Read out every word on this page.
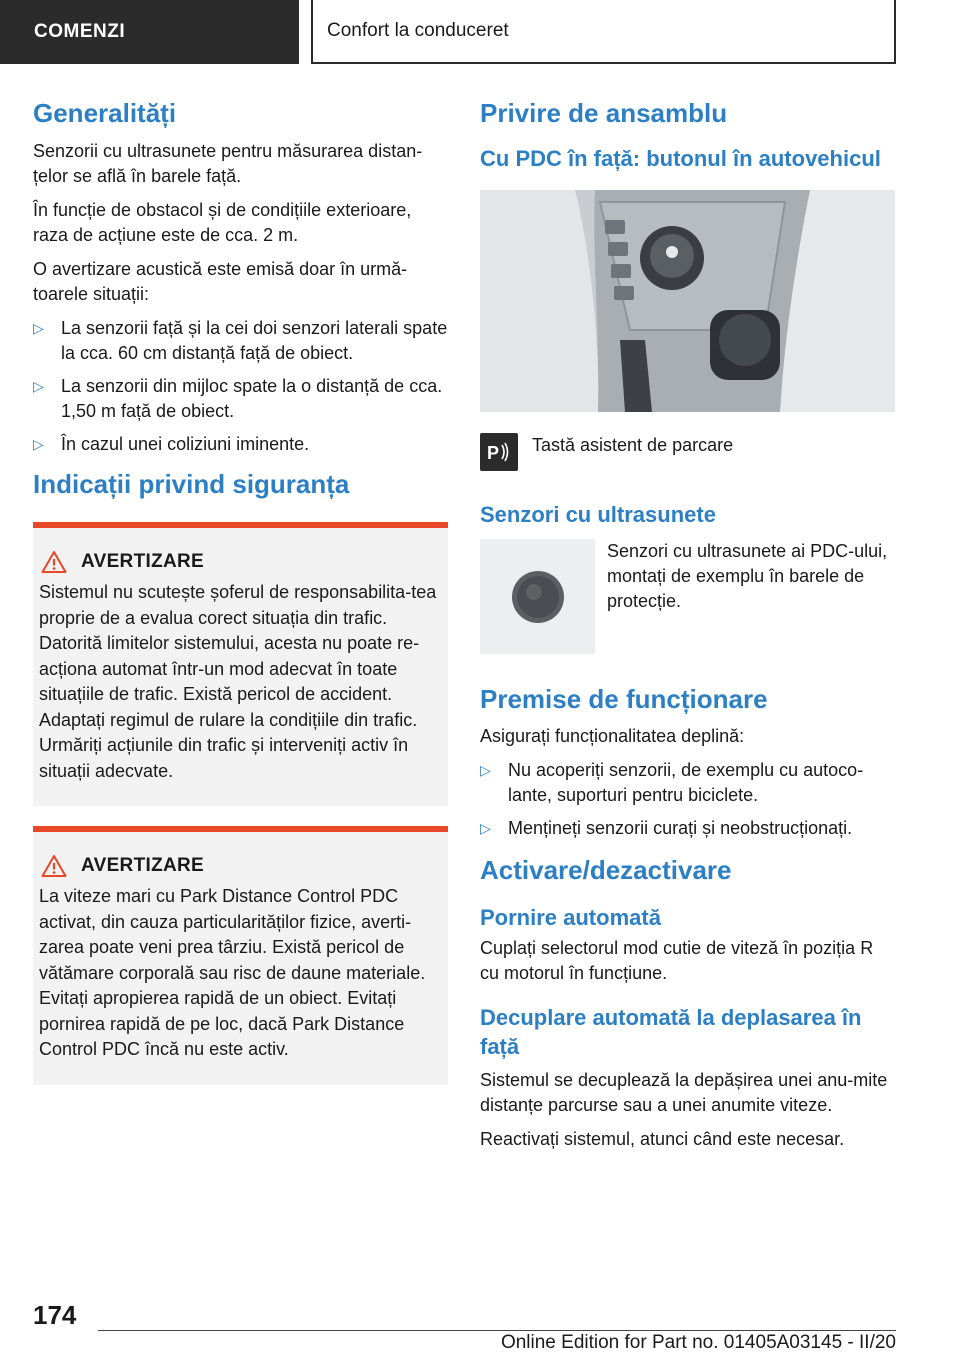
COMENZI	Confort la conduceret
Generalități

Senzorii cu ultrasunete pentru măsurarea distan‐țelor se află în barele față.

În funcție de obstacol și de condițiile exterioare, raza de acțiune este de cca. 2 m.

O avertizare acustică este emisă doar în urmă‐toarele situații:

▷ La senzorii față și la cei doi senzori laterali spate la cca. 60 cm distanță față de obiect.
▷ La senzorii din mijloc spate la o distanță de cca. 1,50 m față de obiect.
▷ În cazul unei coliziuni iminente.
Indicații privind siguranța
AVERTIZARE

Sistemul nu scutește șoferul de responsabilita‐tea proprie de a evalua corect situația din trafic. Datorită limitelor sistemului, acesta nu poate re‐acționa automat într-un mod adecvat în toate situațiile de trafic. Există pericol de accident. Adaptați regimul de rulare la condițiile din trafic. Urmăriți acțiunile din trafic și interveniți activ în situații adecvate.

AVERTIZARE

La viteze mari cu Park Distance Control PDC activat, din cauza particularităților fizice, averti‐zarea poate veni prea târziu. Există pericol de vătămare corporală sau risc de daune materiale. Evitați apropierea rapidă de un obiect. Evitați pornirea rapidă de pe loc, dacă Park Distance Control PDC încă nu este activ.

Privire de ansamblu
Cu PDC în față: butonul în autovehicul
P Tastă asistent de parcare

Senzori cu ultrasunete

Senzori cu ultrasunete ai PDC-ului, montați de exemplu în barele de protecție.

Premise de funcționare

Asigurați funcționalitatea deplină:

▷ Nu acoperiți senzorii, de exemplu cu autoco‐lante, suporturi pentru biciclete.
▷ Mențineți senzorii curați și neobstrucționați.
Activare/dezactivare
Pornire automată

Cuplați selectorul mod cutie de viteză în poziția R cu motorul în funcțiune.

Decuplare automată la deplasarea în față

Sistemul se decuplează la depășirea unei anu‐mite distanțe parcurse sau a unei anumite viteze.

Reactivați sistemul, atunci când este necesar.

174
Online Edition for Part no. 01405A03145 - II/20
